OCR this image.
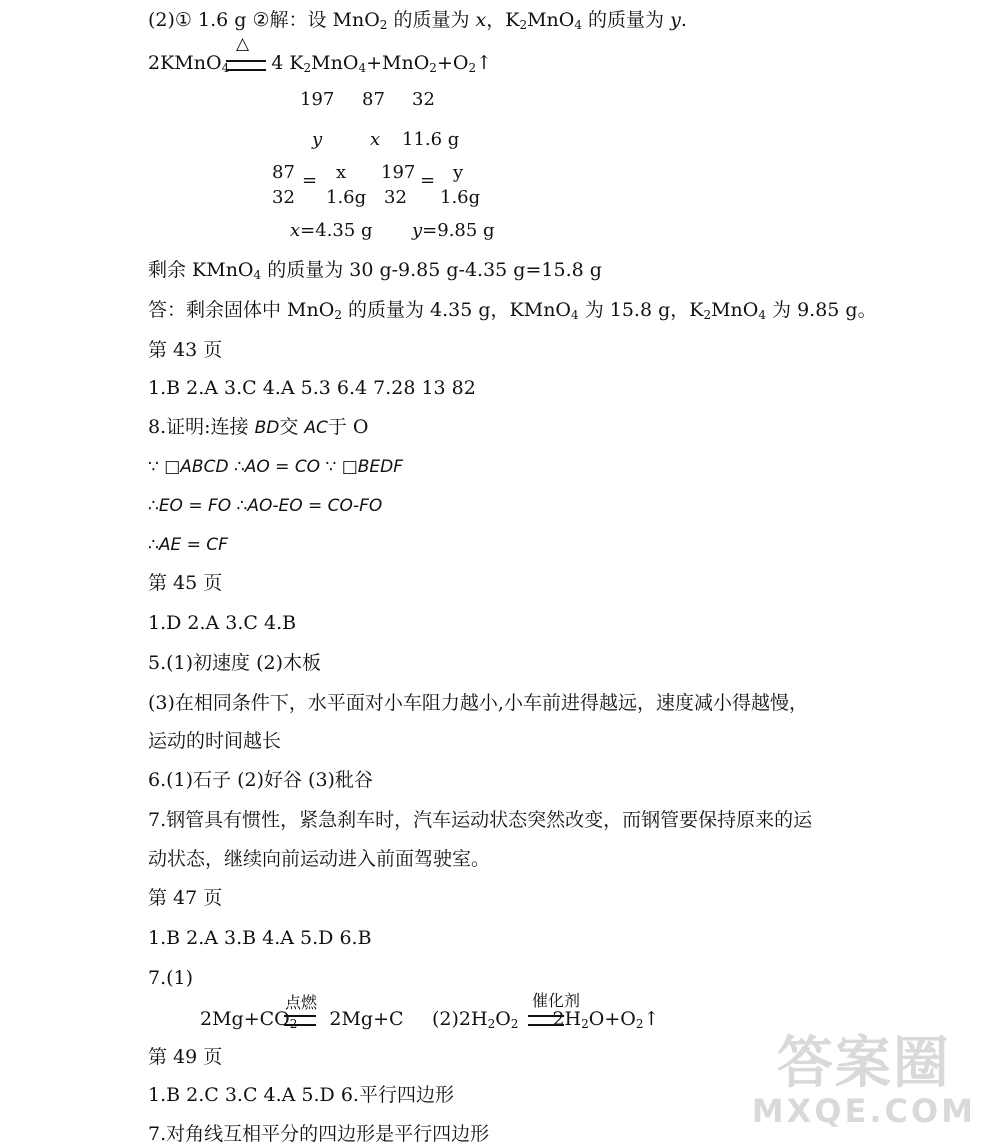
(2)① 1.6 g ②解：设 MnO$_2$ 的质量为 x，$K_2MnO_4$ 的质量为 y.
2KMnO$_4$ 4 $K_2MnO_4+MnO_2+O_2↑$
△
197 87 32
y	x 11.6 g
87
32
= x
1.6g
197
32
= y
1.6g
x=4.35 g y=9.85 g
剩余 KMnO$_4$ 的质量为 30 g-9.85 g-4.35 g=15.8 g
答：剩余固体中 MnO$_2$ 的质量为 4.35 g，KMnO$_4$ 为 15.8 g，$K_2MnO_4$ 为 9.85 g。
第 43 页
1.B 2.A 3.C 4.A 5.3 6.4 7.28 13 82
8.证明:连接 BD交 AC于 O
∵ □ABCD ∴AO = CO ∵ □BEDF
∴EO = FO ∴AO-EO = CO-FO
∴AE = CF
第 45 页
1.D 2.A 3.C 4.B
5.(1)初速度 (2)木板
(3)在相同条件下，水平面对小车阻力越小,小车前进得越远，速度减小得越慢，
运动的时间越长
6.(1)石子 (2)好谷 (3)秕谷
7.钢管具有惯性，紧急刹车时，汽车运动状态突然改变，而钢管要保持原来的运
动状态，继续向前运动进入前面驾驶室。
第 47 页
1.B 2.A 3.B 4.A 5.D 6.B
7.(1)
$2Mg+CO_2$ 2Mg+C
点燃
$(2)2H_2O_2$ $2H_2O+O_2↑$
催化剂
第 49 页
1.B 2.C 3.C 4.A 5.D 6.平行四边形
7.对角线互相平分的四边形是平行四边形
答案圈
MXQE.COM
